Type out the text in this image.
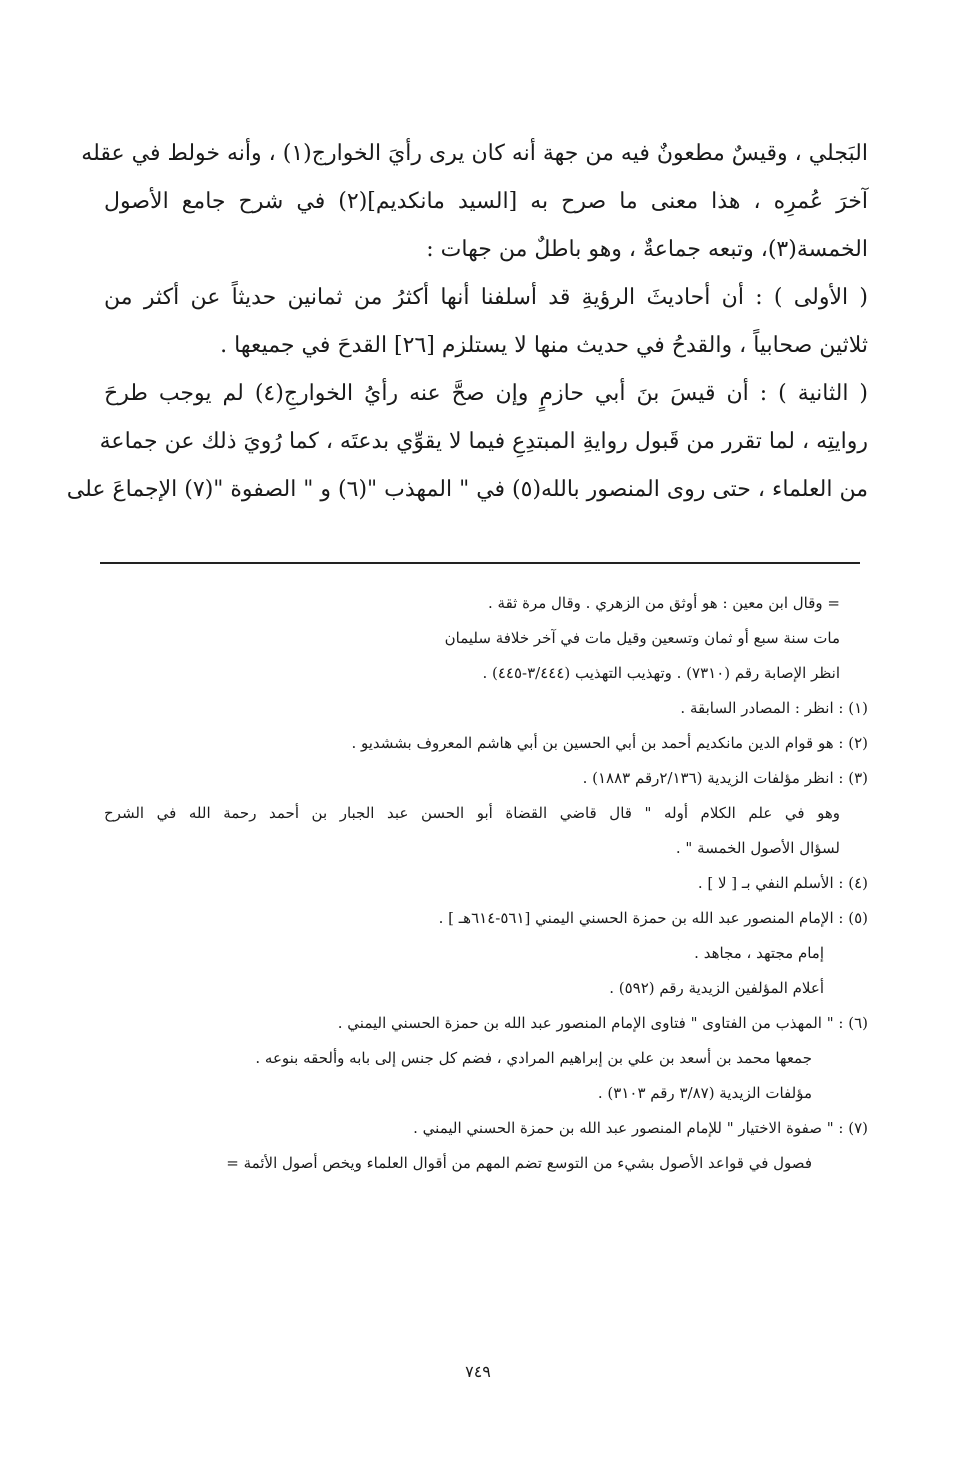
البَجلي ، وقيسٌ مطعونٌ فيه من جهة أنه كان يرى رأيَ الخوارج(١) ، وأنه خولط في عقله

آخرَ عُمرِه ، هذا معنى ما صرح به [السيد مانكديم](٢) في شرح جامع الأصول

الخمسة(٣)، وتبعه جماعةٌ ، وهو باطلٌ من جهات :

( الأولى ) : أن أحاديثَ الرؤيةِ قد أسلفنا أنها أكثرُ من ثمانين حديثاً عن أكثر من

ثلاثين صحابياً ، والقدحُ في حديث منها لا يستلزم [٢٦] القدحَ في جميعها .

( الثانية ) : أن قيسَ بنَ أبي حازمٍ وإن صحَّ عنه رأيُ الخوارجِ(٤) لم يوجب طرحَ

روايتِه ، لما تقرر من قَبول روايةِ المبتدِعِ فيما لا يقوِّي بدعتَه ، كما رُويَ ذلك عن جماعة

من العلماء ، حتى روى المنصور بالله(٥) في " المهذب "(٦) و " الصفوة "(٧) الإجماعَ على

= وقال ابن معين : هو أوثق من الزهري . وقال مرة ثقة .
مات سنة سبع أو ثمان وتسعين وقيل مات في آخر خلافة سليمان
انظر الإصابة رقم (٧٣١٠) . وتهذيب التهذيب (٣/٤٤٤-٤٤٥) .
(١) : انظر : المصادر السابقة .
(٢) : هو قوام الدين مانكديم أحمد بن أبي الحسين بن أبي هاشم المعروف بششديو .
(٣) : انظر مؤلفات الزيدية (٢/١٣٦رقم ١٨٨٣) .
وهو في علم الكلام أوله " قال قاضي القضاة أبو الحسن عبد الجبار بن أحمد رحمة الله في الشرح
لسؤال الأصول الخمسة " .
(٤) : الأسلم النفي بـ [ لا ] .
(٥) : الإمام المنصور عبد الله بن حمزة الحسني اليمني [٥٦١-٦١٤هـ ] .
إمام مجتهد ، مجاهد .
أعلام المؤلفين الزيدية رقم (٥٩٢) .
(٦) : " المهذب من الفتاوى " فتاوى الإمام المنصور عبد الله بن حمزة الحسني اليمني .
جمعها محمد بن أسعد بن علي بن إبراهيم المرادي ، فضم كل جنس إلى بابه وألحقه بنوعه .
مؤلفات الزيدية (٣/٨٧ رقم ٣١٠٣) .
(٧) : " صفوة الاختيار " للإمام المنصور عبد الله بن حمزة الحسني اليمني .
فصول في قواعد الأصول بشيء من التوسع تضم المهم من أقوال العلماء ويخص أصول الأئمة =
٧٤٩
